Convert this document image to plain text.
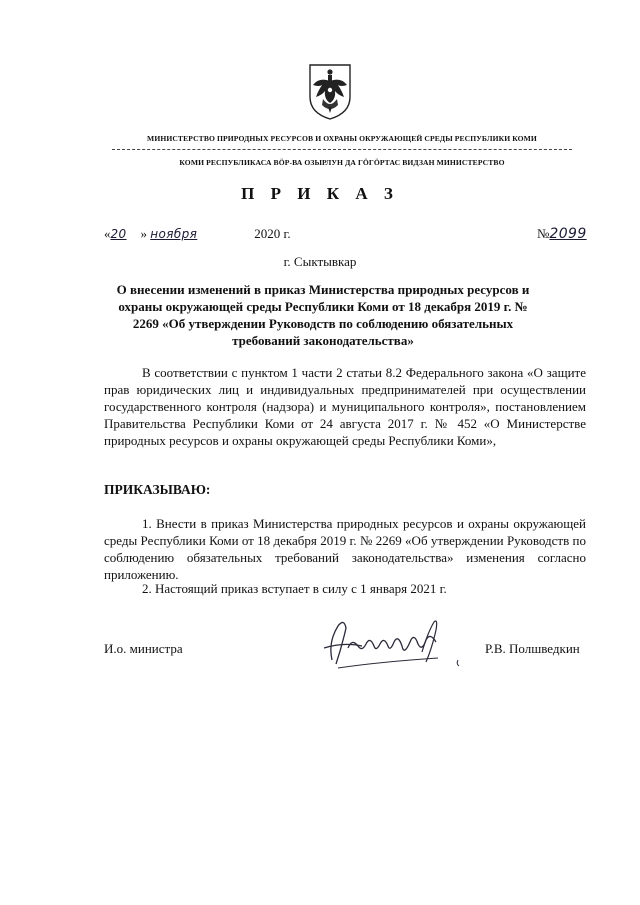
МИНИСТЕРСТВО ПРИРОДНЫХ РЕСУРСОВ И ОХРАНЫ ОКРУЖАЮЩЕЙ СРЕДЫ РЕСПУБЛИКИ КОМИ
КОМИ РЕСПУБЛИКАСА ВӦР-ВА ОЗЫРЛУН ДА ГӦГӦРТАС ВИДЗАН МИНИСТЕРСТВО
П Р И К А З
«20 » ноября	2020 г.	№2099
г. Сыктывкар
О внесении изменений в приказ Министерства природных ресурсов и охраны окружающей среды Республики Коми от 18 декабря 2019 г. № 2269 «Об утверждении Руководств по соблюдению обязательных требований законодательства»

В соответствии с пунктом 1 части 2 статьи 8.2 Федерального закона «О защите прав юридических лиц и индивидуальных предпринимателей при осуществлении государственного контроля (надзора) и муниципального контроля», постановлением Правительства Республики Коми от 24 августа 2017 г. № 452 «О Министерстве природных ресурсов и охраны окружающей среды Республики Коми»,

ПРИКАЗЫВАЮ:

1. Внести в приказ Министерства природных ресурсов и охраны окружающей среды Республики Коми от 18 декабря 2019 г. № 2269 «Об утверждении Руководств по соблюдению обязательных требований законодательства» изменения согласно приложению.

2. Настоящий приказ вступает в силу с 1 января 2021 г.

И.о. министра	Р.В. Полшведкин
